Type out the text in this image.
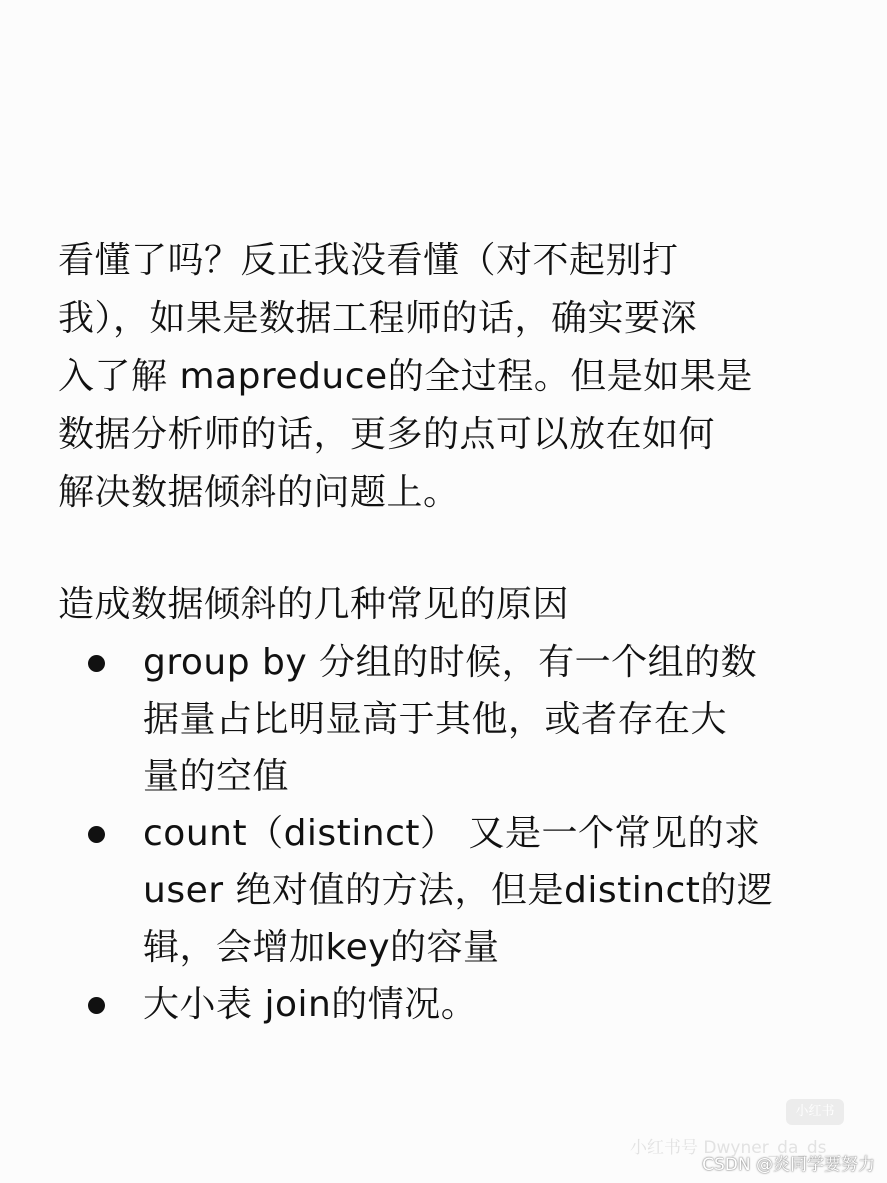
看懂了吗？反正我没看懂（对不起别打
我），如果是数据工程师的话，确实要深
入了解 mapreduce的全过程。但是如果是
数据分析师的话，更多的点可以放在如何
解决数据倾斜的问题上。
造成数据倾斜的几种常见的原因
group by 分组的时候，有一个组的数
据量占比明显高于其他，或者存在大
量的空值
count（distinct） 又是一个常见的求
user 绝对值的方法，但是distinct的逻
辑，会增加key的容量
大小表 join的情况。
小红书
小红书号 Dwyner_da_ds
CSDN @炎同学要努力
